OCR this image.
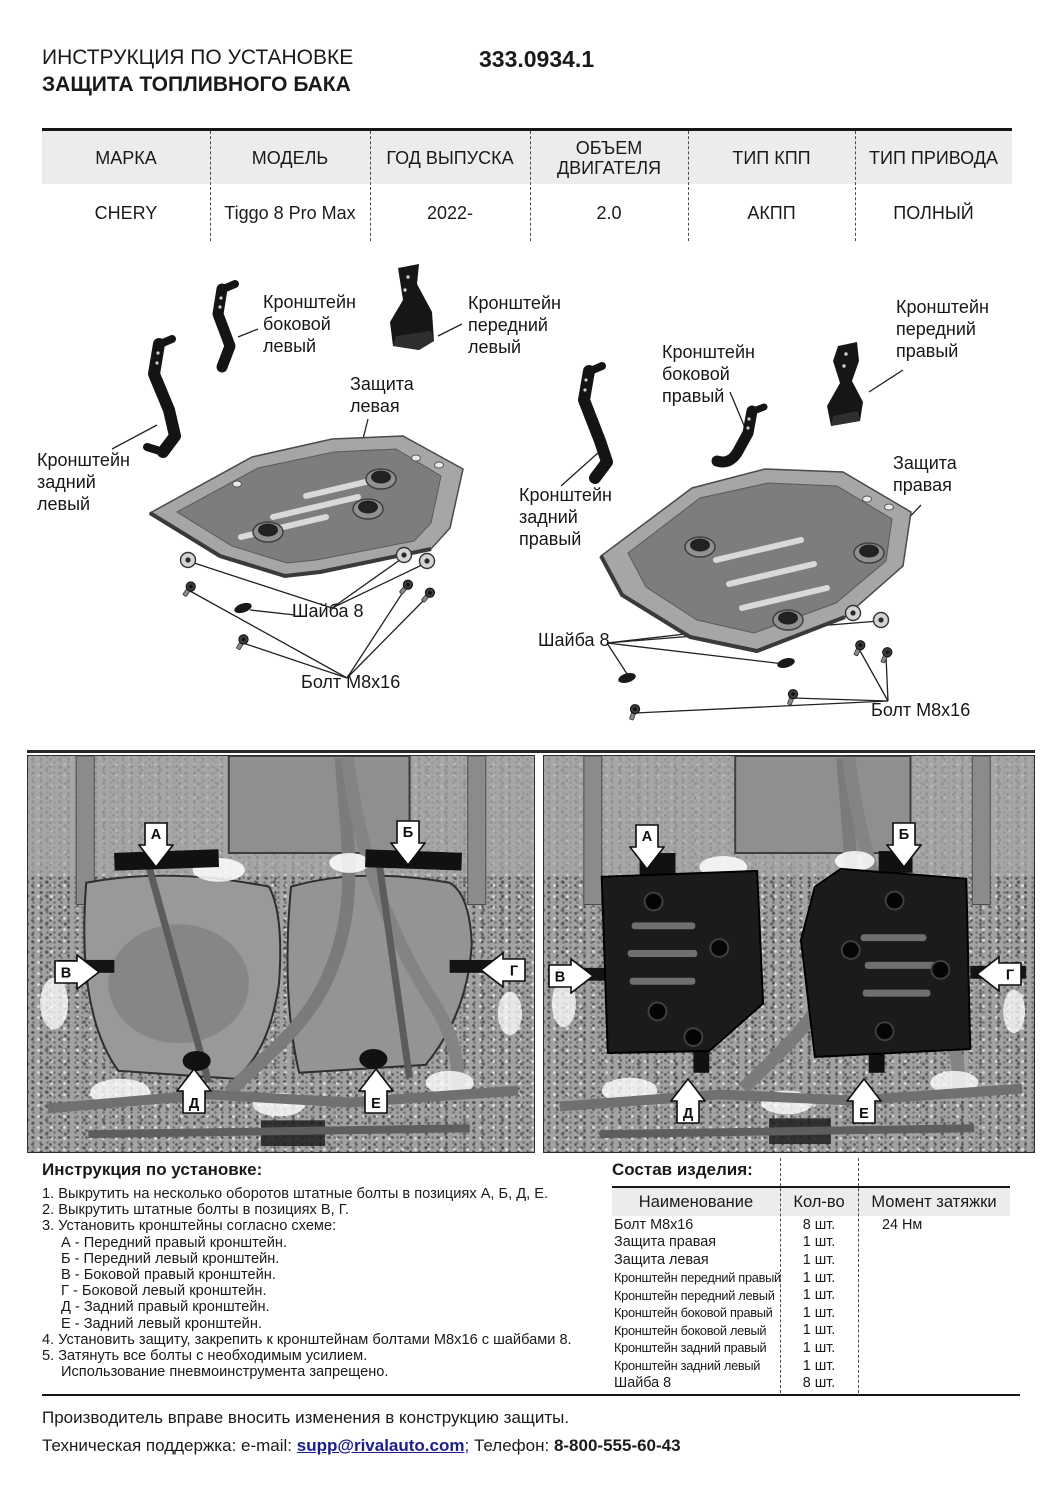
ИНСТРУКЦИЯ ПО УСТАНОВКЕ
ЗАЩИТА ТОПЛИВНОГО БАКА
333.0934.1
МАРКА	МОДЕЛЬ	ГОД ВЫПУСКА	ОБЪЕМ ДВИГАТЕЛЯ	ТИП КПП	ТИП ПРИВОДА
CHERY	Tiggo 8 Pro Max	2022-	2.0	АКПП	ПОЛНЫЙ
Кронштейн боковой левый
Кронштейн передний левый
Защита левая
Кронштейн задний левый
Шайба 8
Болт М8х16
Кронштейн боковой правый
Кронштейн передний правый
Кронштейн задний правый
Защита правая
Шайба 8
Болт М8х16
А	Б
В	Г
Д	Е
А	Б
В	Г
Д	Е
Инструкция по установке:
1. Выкрутить на несколько оборотов штатные болты в позициях А, Б, Д, Е.
2. Выкрутить штатные болты в позициях В, Г.
3. Установить кронштейны согласно схеме:
А - Передний правый кронштейн.
Б - Передний левый кронштейн.
В - Боковой правый кронштейн.
Г - Боковой левый кронштейн.
Д - Задний правый кронштейн.
Е - Задний левый кронштейн.
4. Установить защиту, закрепить к кронштейнам болтами М8х16 с шайбами 8.
5. Затянуть все болты с необходимым усилием.
Использование пневмоинструмента запрещено.
Состав изделия:
Наименование	Кол-во	Момент затяжки
Болт М8х16	8 шт.	24 Нм
Защита правая	1 шт.
Защита левая	1 шт.
Кронштейн передний правый	1 шт.
Кронштейн передний левый	1 шт.
Кронштейн боковой правый	1 шт.
Кронштейн боковой левый	1 шт.
Кронштейн задний правый	1 шт.
Кронштейн задний левый	1 шт.
Шайба 8	8 шт.
Производитель вправе вносить изменения в конструкцию защиты.
Техническая поддержка: e-mail: supp@rivalauto.com; Телефон: 8-800-555-60-43
